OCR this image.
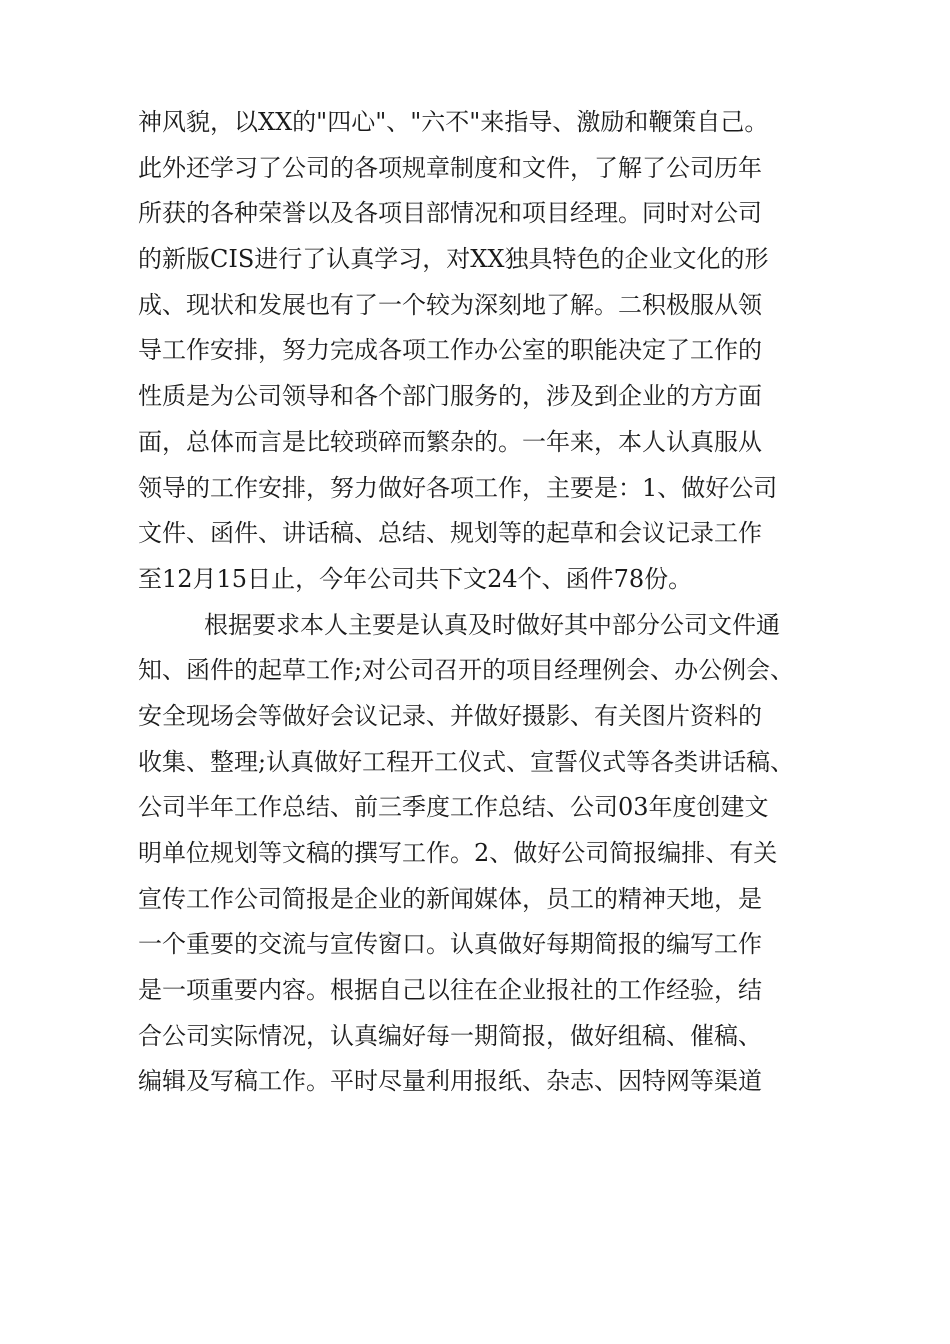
神风貌，以XX的"四心"、"六不"来指导、激励和鞭策自己。
此外还学习了公司的各项规章制度和文件，了解了公司历年
所获的各种荣誉以及各项目部情况和项目经理。同时对公司
的新版CIS进行了认真学习，对XX独具特色的企业文化的形
成、现状和发展也有了一个较为深刻地了解。二积极服从领
导工作安排，努力完成各项工作办公室的职能决定了工作的
性质是为公司领导和各个部门服务的，涉及到企业的方方面
面，总体而言是比较琐碎而繁杂的。一年来，本人认真服从
领导的工作安排，努力做好各项工作，主要是：1、做好公司
文件、函件、讲话稿、总结、规划等的起草和会议记录工作
至12月15日止，今年公司共下文24个、函件78份。
根据要求本人主要是认真及时做好其中部分公司文件通
知、函件的起草工作;对公司召开的项目经理例会、办公例会、
安全现场会等做好会议记录、并做好摄影、有关图片资料的
收集、整理;认真做好工程开工仪式、宣誓仪式等各类讲话稿、
公司半年工作总结、前三季度工作总结、公司03年度创建文
明单位规划等文稿的撰写工作。2、做好公司简报编排、有关
宣传工作公司简报是企业的新闻媒体，员工的精神天地，是
一个重要的交流与宣传窗口。认真做好每期简报的编写工作
是一项重要内容。根据自己以往在企业报社的工作经验，结
合公司实际情况，认真编好每一期简报，做好组稿、催稿、
编辑及写稿工作。平时尽量利用报纸、杂志、因特网等渠道
